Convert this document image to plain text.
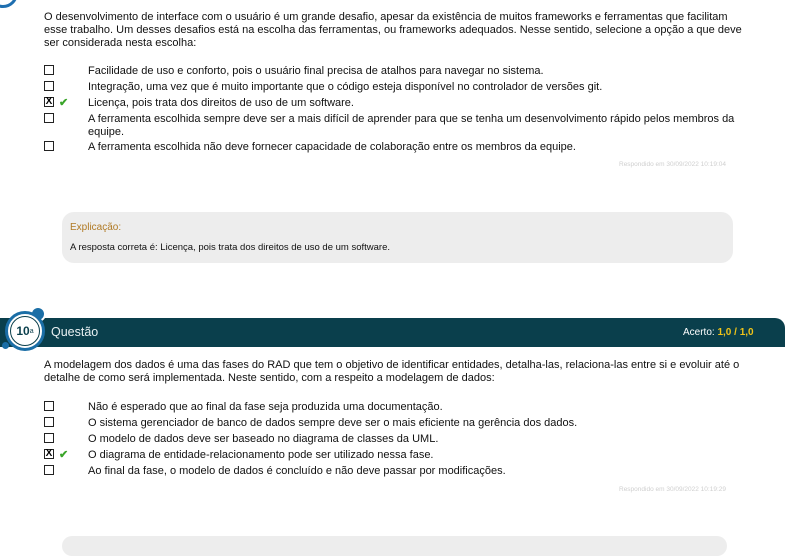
O desenvolvimento de interface com o usuário é um grande desafio, apesar da existência de muitos frameworks e ferramentas que facilitam esse trabalho. Um desses desafios está na escolha das ferramentas, ou frameworks adequados. Nesse sentido, selecione a opção a que deve ser considerada nesta escolha:
Facilidade de uso e conforto, pois o usuário final precisa de atalhos para navegar no sistema.
Integração, uma vez que é muito importante que o código esteja disponível no controlador de versões git.
X ✔ Licença, pois trata dos direitos de uso de um software.
A ferramenta escolhida sempre deve ser a mais difícil de aprender para que se tenha um desenvolvimento rápido pelos membros da equipe.
A ferramenta escolhida não deve fornecer capacidade de colaboração entre os membros da equipe.
Respondido em 30/09/2022 10:19:04
Explicação:
A resposta correta é: Licença, pois trata dos direitos de uso de um software.
Questão	Acerto: 1,0 / 1,0
10 a
A modelagem dos dados é uma das fases do RAD que tem o objetivo de identificar entidades, detalha-las, relaciona-las entre si e evoluir até o detalhe de como será implementada. Neste sentido, com a respeito a modelagem de dados:
Não é esperado que ao final da fase seja produzida uma documentação.
O sistema gerenciador de banco de dados sempre deve ser o mais eficiente na gerência dos dados.
O modelo de dados deve ser baseado no diagrama de classes da UML.
X ✔ O diagrama de entidade-relacionamento pode ser utilizado nessa fase.
Ao final da fase, o modelo de dados é concluído e não deve passar por modificações.
Respondido em 30/09/2022 10:19:29
